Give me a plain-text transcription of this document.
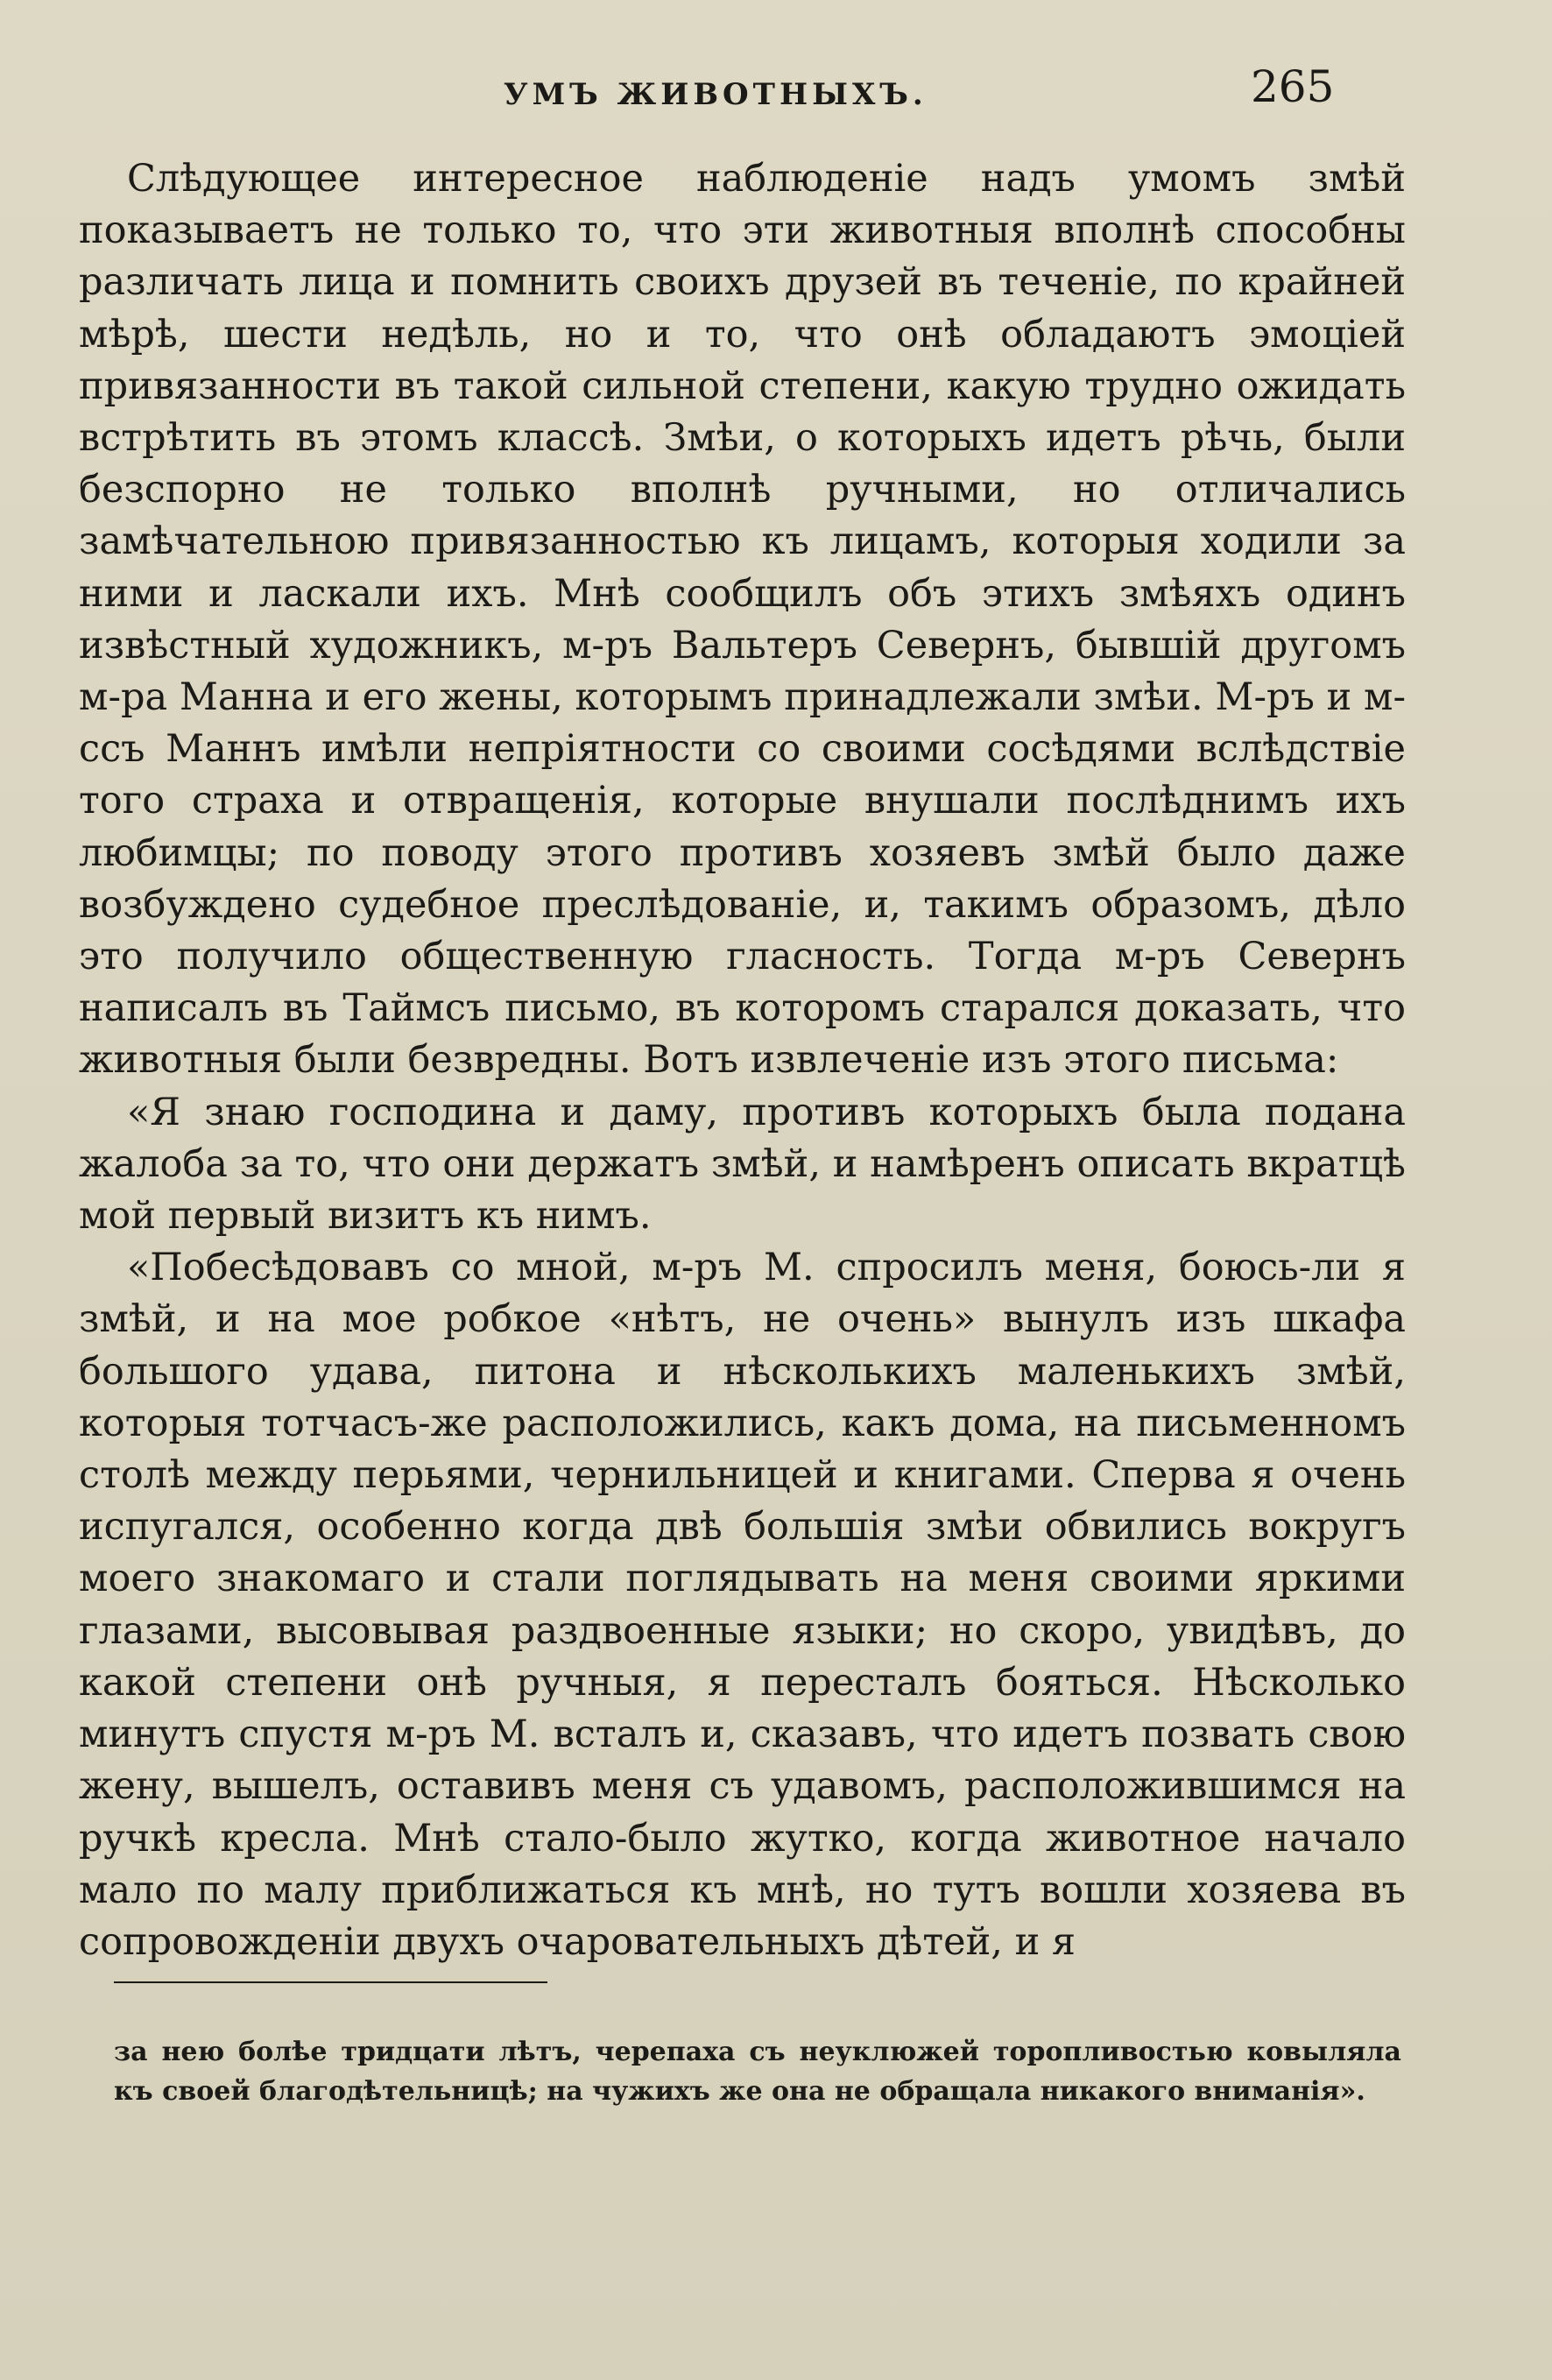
УМЪ ЖИВОТНЫХЪ.	265

Слѣдующее интересное наблюденіе надъ умомъ змѣй показываетъ не только то, что эти животныя вполнѣ способны различать лица и помнить своихъ друзей въ теченіе, по крайней мѣрѣ, шести недѣль, но и то, что онѣ обладаютъ эмоціей привязанности въ такой сильной степени, какую трудно ожидать встрѣтить въ этомъ классѣ. Змѣи, о которыхъ идетъ рѣчь, были безспорно не только вполнѣ ручными, но отличались замѣчательною привязанностью къ лицамъ, которыя ходили за ними и ласкали ихъ. Мнѣ сообщилъ объ этихъ змѣяхъ одинъ извѣстный художникъ, м-ръ Вальтеръ Севернъ, бывшій другомъ м-ра Манна и его жены, которымъ принадлежали змѣи. М-ръ и м-ссъ Маннъ имѣли непріятности со своими сосѣдями вслѣдствіе того страха и отвращенія, которые внушали послѣднимъ ихъ любимцы; по поводу этого противъ хозяевъ змѣй было даже возбуждено судебное преслѣдованіе, и, такимъ образомъ, дѣло это получило общественную гласность. Тогда м-ръ Севернъ написалъ въ Таймсъ письмо, въ которомъ старался доказать, что животныя были безвредны. Вотъ извлеченіе изъ этого письма:

«Я знаю господина и даму, противъ которыхъ была подана жалоба за то, что они держатъ змѣй, и намѣренъ описать вкратцѣ мой первый визитъ къ нимъ.

«Побесѣдовавъ со мной, м-ръ М. спросилъ меня, боюсь-ли я змѣй, и на мое робкое «нѣтъ, не очень» вынулъ изъ шкафа большого удава, питона и нѣсколькихъ маленькихъ змѣй, которыя тотчасъ-же расположились, какъ дома, на письменномъ столѣ между перьями, чернильницей и книгами. Сперва я очень испугался, особенно когда двѣ большія змѣи обвились вокругъ моего знакомаго и стали поглядывать на меня своими яркими глазами, высовывая раздвоенные языки; но скоро, увидѣвъ, до какой степени онѣ ручныя, я пересталъ бояться. Нѣсколько минутъ спустя м-ръ М. всталъ и, сказавъ, что идетъ позвать свою жену, вышелъ, оставивъ меня съ удавомъ, расположившимся на ручкѣ кресла. Мнѣ стало-было жутко, когда животное начало мало по малу приближаться къ мнѣ, но тутъ вошли хозяева въ сопровожденіи двухъ очаровательныхъ дѣтей, и я

за нею болѣе тридцати лѣтъ, черепаха съ неуклюжей торопливостью ковыляла къ своей благодѣтельницѣ; на чужихъ же она не обращала никакого вниманія».
